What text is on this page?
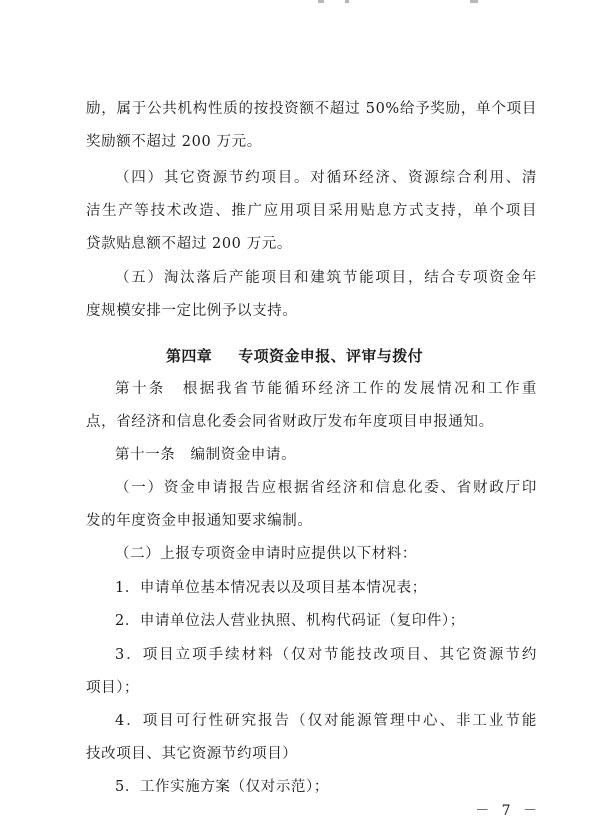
励，属于公共机构性质的按投资额不超过 50%给予奖励，单个项目
奖励额不超过 200 万元。
（四）其它资源节约项目。对循环经济、资源综合利用、清
洁生产等技术改造、推广应用项目采用贴息方式支持，单个项目
贷款贴息额不超过 200 万元。
（五）淘汰落后产能项目和建筑节能项目，结合专项资金年
度规模安排一定比例予以支持。
第四章 专项资金申报、评审与拨付
第十条　根据我省节能循环经济工作的发展情况和工作重
点，省经济和信息化委会同省财政厅发布年度项目申报通知。
第十一条　编制资金申请。
（一）资金申请报告应根据省经济和信息化委、省财政厅印
发的年度资金申报通知要求编制。
（二）上报专项资金申请时应提供以下材料：
1．申请单位基本情况表以及项目基本情况表；
2．申请单位法人营业执照、机构代码证（复印件）；
3．项目立项手续材料（仅对节能技改项目、其它资源节约
项目）；
4．项目可行性研究报告（仅对能源管理中心、非工业节能
技改项目、其它资源节约项目）
5．工作实施方案（仅对示范）；
－ 7 －
